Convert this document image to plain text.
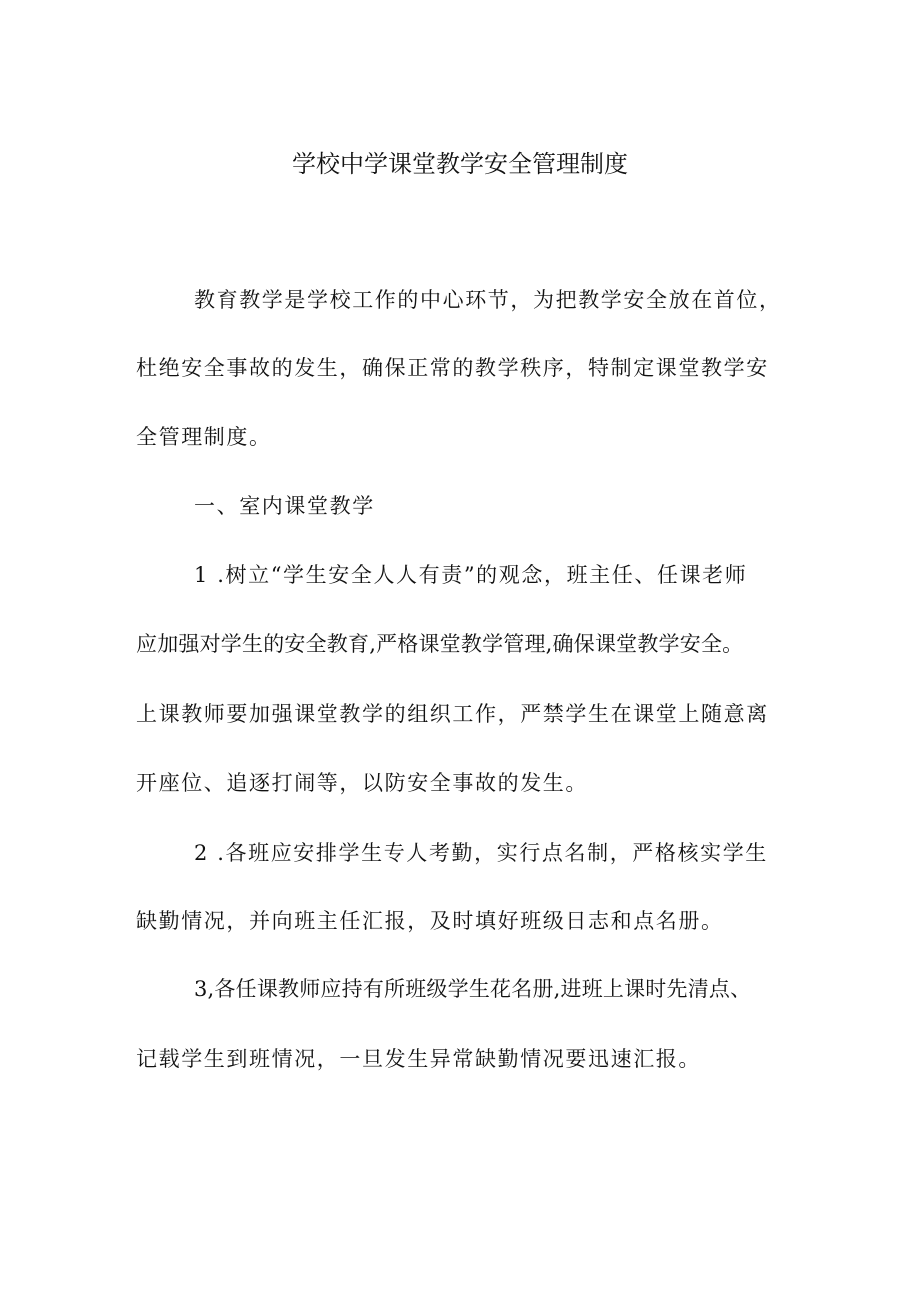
学校中学课堂教学安全管理制度
教育教学是学校工作的中心环节，为把教学安全放在首位，
杜绝安全事故的发生，确保正常的教学秩序，特制定课堂教学安
全管理制度。
一、室内课堂教学
1 .树立“学生安全人人有责”的观念，班主任、任课老师
应加强对学生的安全教育,严格课堂教学管理,确保课堂教学安全。
上课教师要加强课堂教学的组织工作，严禁学生在课堂上随意离
开座位、追逐打闹等，以防安全事故的发生。
2 .各班应安排学生专人考勤，实行点名制，严格核实学生
缺勤情况，并向班主任汇报，及时填好班级日志和点名册。
3,各任课教师应持有所班级学生花名册,进班上课时先清点、
记载学生到班情况，一旦发生异常缺勤情况要迅速汇报。
